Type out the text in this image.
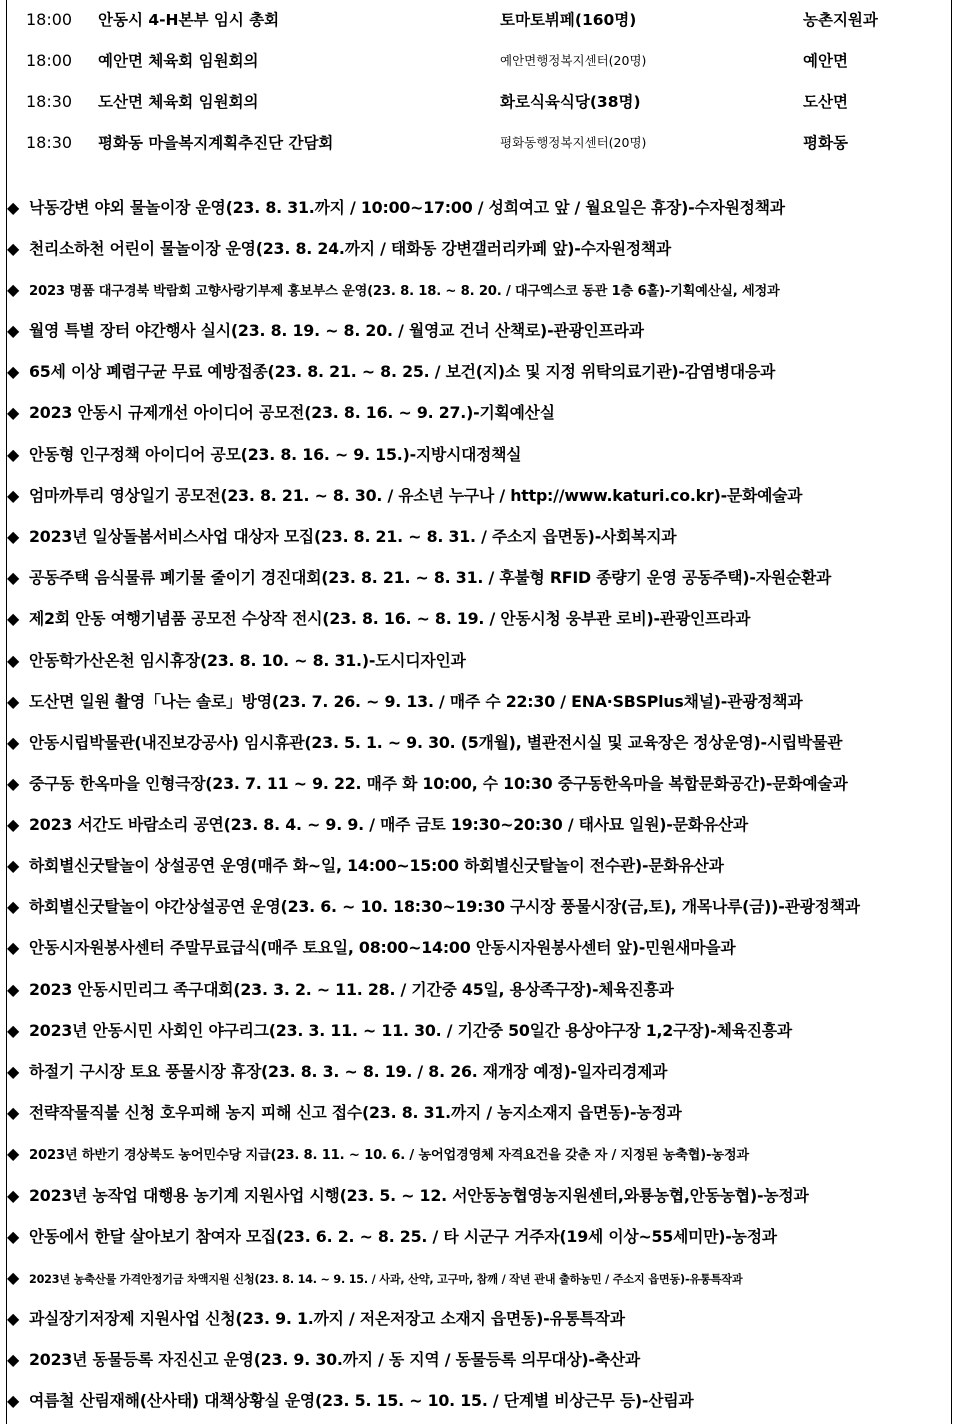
18:00 안동시 4-H본부 임시 총회	토마토뷔페(160명)	농촌지원과
18:00 예안면 체육회 임원회의	예안면행정복지센터(20명)	예안면
18:30 도산면 체육회 임원회의	화로식육식당(38명)	도산면
18:30 평화동 마을복지계획추진단 간담회	평화동행정복지센터(20명)	평화동
◆ 낙동강변 야외 물놀이장 운영(23. 8. 31.까지 / 10:00~17:00 / 성희여고 앞 / 월요일은 휴장)-수자원정책과
◆ 천리소하천 어린이 물놀이장 운영(23. 8. 24.까지 / 태화동 강변갤러리카페 앞)-수자원정책과
◆ 2023 명품 대구경북 박람회 고향사랑기부제 홍보부스 운영(23. 8. 18. ~ 8. 20. / 대구엑스코 동관 1층 6홀)-기획예산실, 세정과
◆ 월영 특별 장터 야간행사 실시(23. 8. 19. ~ 8. 20. / 월영교 건너 산책로)-관광인프라과
◆ 65세 이상 폐렴구균 무료 예방접종(23. 8. 21. ~ 8. 25. / 보건(지)소 및 지정 위탁의료기관)-감염병대응과
◆ 2023 안동시 규제개선 아이디어 공모전(23. 8. 16. ~ 9. 27.)-기획예산실
◆ 안동형 인구정책 아이디어 공모(23. 8. 16. ~ 9. 15.)-지방시대정책실
◆ 엄마까투리 영상일기 공모전(23. 8. 21. ~ 8. 30. / 유소년 누구나 / http://www.katuri.co.kr)-문화예술과
◆ 2023년 일상돌봄서비스사업 대상자 모집(23. 8. 21. ~ 8. 31. / 주소지 읍면동)-사회복지과
◆ 공동주택 음식물류 폐기물 줄이기 경진대회(23. 8. 21. ~ 8. 31. / 후불형 RFID 종량기 운영 공동주택)-자원순환과
◆ 제2회 안동 여행기념품 공모전 수상작 전시(23. 8. 16. ~ 8. 19. / 안동시청 웅부관 로비)-관광인프라과
◆ 안동학가산온천 임시휴장(23. 8. 10. ~ 8. 31.)-도시디자인과
◆ 도산면 일원 촬영「나는 솔로」방영(23. 7. 26. ~ 9. 13. / 매주 수 22:30 / ENA·SBSPlus채널)-관광정책과
◆ 안동시립박물관(내진보강공사) 임시휴관(23. 5. 1. ~ 9. 30. (5개월), 별관전시실 및 교육장은 정상운영)-시립박물관
◆ 중구동 한옥마을 인형극장(23. 7. 11 ~ 9. 22. 매주 화 10:00, 수 10:30 중구동한옥마을 복합문화공간)-문화예술과
◆ 2023 서간도 바람소리 공연(23. 8. 4. ~ 9. 9. / 매주 금토 19:30~20:30 / 태사묘 일원)-문화유산과
◆ 하회별신굿탈놀이 상설공연 운영(매주 화~일, 14:00~15:00 하회별신굿탈놀이 전수관)-문화유산과
◆ 하회별신굿탈놀이 야간상설공연 운영(23. 6. ~ 10. 18:30~19:30 구시장 풍물시장(금,토), 개목나루(금))-관광정책과
◆ 안동시자원봉사센터 주말무료급식(매주 토요일, 08:00~14:00 안동시자원봉사센터 앞)-민원새마을과
◆ 2023 안동시민리그 족구대회(23. 3. 2. ~ 11. 28. / 기간중 45일, 용상족구장)-체육진흥과
◆ 2023년 안동시민 사회인 야구리그(23. 3. 11. ~ 11. 30. / 기간중 50일간 용상야구장 1,2구장)-체육진흥과
◆ 하절기 구시장 토요 풍물시장 휴장(23. 8. 3. ~ 8. 19. / 8. 26. 재개장 예정)-일자리경제과
◆ 전략작물직불 신청 호우피해 농지 피해 신고 접수(23. 8. 31.까지 / 농지소재지 읍면동)-농정과
◆ 2023년 하반기 경상북도 농어민수당 지급(23. 8. 11. ~ 10. 6. / 농어업경영체 자격요건을 갖춘 자 / 지정된 농축협)-농정과
◆ 2023년 농작업 대행용 농기계 지원사업 시행(23. 5. ~ 12. 서안동농협영농지원센터,와룡농협,안동농협)-농정과
◆ 안동에서 한달 살아보기 참여자 모집(23. 6. 2. ~ 8. 25. / 타 시군구 거주자(19세 이상~55세미만)-농정과
◆ 2023년 농축산물 가격안정기금 차액지원 신청(23. 8. 14. ~ 9. 15. / 사과, 산약, 고구마, 참깨 / 작년 관내 출하농민 / 주소지 읍면동)-유통특작과
◆ 과실장기저장제 지원사업 신청(23. 9. 1.까지 / 저온저장고 소재지 읍면동)-유통특작과
◆ 2023년 동물등록 자진신고 운영(23. 9. 30.까지 / 동 지역 / 동물등록 의무대상)-축산과
◆ 여름철 산림재해(산사태) 대책상황실 운영(23. 5. 15. ~ 10. 15. / 단계별 비상근무 등)-산림과
